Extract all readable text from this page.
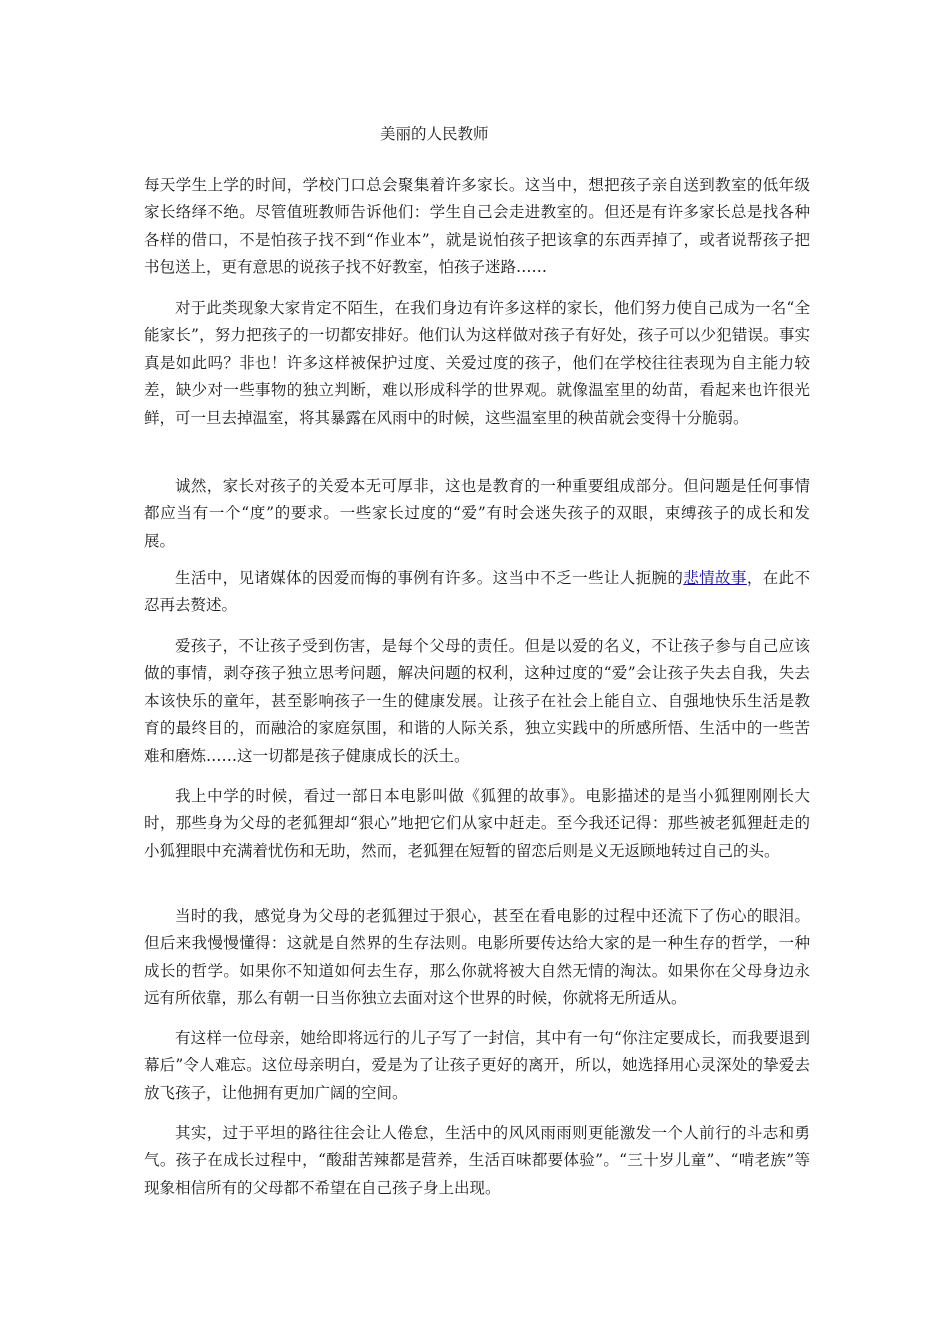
美丽的人民教师

每天学生上学的时间，学校门口总会聚集着许多家长。这当中，想把孩子亲自送到教室的低年级家长络绎不绝。尽管值班教师告诉他们：学生自己会走进教室的。但还是有许多家长总是找各种各样的借口，不是怕孩子找不到“作业本”，就是说怕孩子把该拿的东西弄掉了，或者说帮孩子把书包送上，更有意思的说孩子找不好教室，怕孩子迷路……

对于此类现象大家肯定不陌生，在我们身边有许多这样的家长，他们努力使自己成为一名“全能家长”，努力把孩子的一切都安排好。他们认为这样做对孩子有好处，孩子可以少犯错误。事实真是如此吗？非也！许多这样被保护过度、关爱过度的孩子，他们在学校往往表现为自主能力较差，缺少对一些事物的独立判断，难以形成科学的世界观。就像温室里的幼苗，看起来也许很光鲜，可一旦去掉温室，将其暴露在风雨中的时候，这些温室里的秧苗就会变得十分脆弱。

诚然，家长对孩子的关爱本无可厚非，这也是教育的一种重要组成部分。但问题是任何事情都应当有一个“度”的要求。一些家长过度的“爱”有时会迷失孩子的双眼，束缚孩子的成长和发展。

生活中，见诸媒体的因爱而悔的事例有许多。这当中不乏一些让人扼腕的悲情故事，在此不忍再去赘述。

爱孩子，不让孩子受到伤害，是每个父母的责任。但是以爱的名义，不让孩子参与自己应该做的事情，剥夺孩子独立思考问题，解决问题的权利，这种过度的“爱”会让孩子失去自我，失去本该快乐的童年，甚至影响孩子一生的健康发展。让孩子在社会上能自立、自强地快乐生活是教育的最终目的，而融洽的家庭氛围，和谐的人际关系，独立实践中的所感所悟、生活中的一些苦难和磨炼……这一切都是孩子健康成长的沃土。

我上中学的时候，看过一部日本电影叫做《狐狸的故事》。电影描述的是当小狐狸刚刚长大时，那些身为父母的老狐狸却“狠心”地把它们从家中赶走。至今我还记得：那些被老狐狸赶走的小狐狸眼中充满着忧伤和无助，然而，老狐狸在短暂的留恋后则是义无返顾地转过自己的头。

当时的我，感觉身为父母的老狐狸过于狠心，甚至在看电影的过程中还流下了伤心的眼泪。但后来我慢慢懂得：这就是自然界的生存法则。电影所要传达给大家的是一种生存的哲学，一种成长的哲学。如果你不知道如何去生存，那么你就将被大自然无情的淘汰。如果你在父母身边永远有所依靠，那么有朝一日当你独立去面对这个世界的时候，你就将无所适从。

有这样一位母亲，她给即将远行的儿子写了一封信，其中有一句“你注定要成长，而我要退到幕后”令人难忘。这位母亲明白，爱是为了让孩子更好的离开，所以，她选择用心灵深处的挚爱去放飞孩子，让他拥有更加广阔的空间。

其实，过于平坦的路往往会让人倦怠，生活中的风风雨雨则更能激发一个人前行的斗志和勇气。孩子在成长过程中，“酸甜苦辣都是营养，生活百味都要体验”。“三十岁儿童”、“啃老族”等现象相信所有的父母都不希望在自己孩子身上出现。
